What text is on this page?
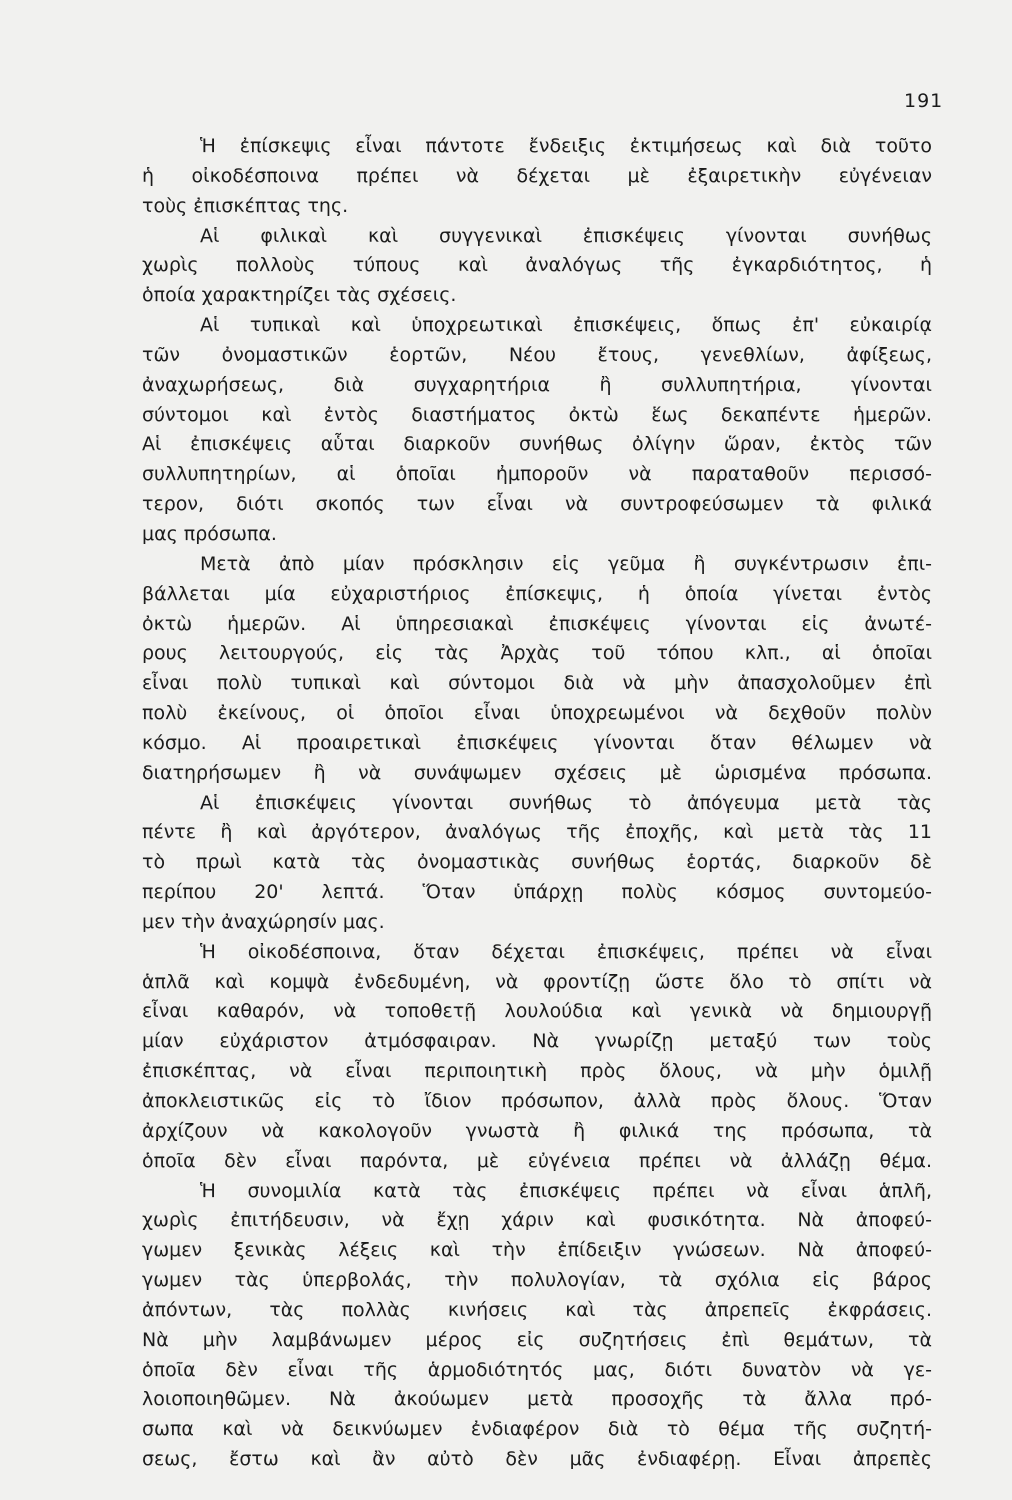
191
Ἡ ἐπίσκεψις εἶναι πάντοτε ἔνδειξις ἐκτιμήσεως καὶ διὰ τοῦτο
ἡ οἰκοδέσποινα πρέπει νὰ δέχεται μὲ ἐξαιρετικὴν εὐγένειαν
τοὺς ἐπισκέπτας της.
Αἱ φιλικαὶ καὶ συγγενικαὶ ἐπισκέψεις γίνονται συνήθως
χωρὶς πολλοὺς τύπους καὶ ἀναλόγως τῆς ἐγκαρδιότητος, ἡ
ὁποία χαρακτηρίζει τὰς σχέσεις.
Αἱ τυπικαὶ καὶ ὑποχρεωτικαὶ ἐπισκέψεις, ὅπως ἐπ' εὐκαιρίᾳ
τῶν ὀνομαστικῶν ἑορτῶν, Νέου ἔτους, γενεθλίων, ἀφίξεως,
ἀναχωρήσεως, διὰ συγχαρητήρια ἢ συλλυπητήρια, γίνονται
σύντομοι καὶ ἐντὸς διαστήματος ὀκτὼ ἕως δεκαπέντε ἡμερῶν.
Αἱ ἐπισκέψεις αὗται διαρκοῦν συνήθως ὀλίγην ὥραν, ἐκτὸς τῶν
συλλυπητηρίων, αἱ ὁποῖαι ἠμποροῦν νὰ παραταθοῦν περισσό-
τερον, διότι σκοπός των εἶναι νὰ συντροφεύσωμεν τὰ φιλικά
μας πρόσωπα.
Μετὰ ἀπὸ μίαν πρόσκλησιν εἰς γεῦμα ἢ συγκέντρωσιν ἐπι-
βάλλεται μία εὐχαριστήριος ἐπίσκεψις, ἡ ὁποία γίνεται ἐντὸς
ὀκτὼ ἡμερῶν. Αἱ ὑπηρεσιακαὶ ἐπισκέψεις γίνονται εἰς ἀνωτέ-
ρους λειτουργούς, εἰς τὰς Ἀρχὰς τοῦ τόπου κλπ., αἱ ὁποῖαι
εἶναι πολὺ τυπικαὶ καὶ σύντομοι διὰ νὰ μὴν ἀπασχολοῦμεν ἐπὶ
πολὺ ἐκείνους, οἱ ὁποῖοι εἶναι ὑποχρεωμένοι νὰ δεχθοῦν πολὺν
κόσμο. Αἱ προαιρετικαὶ ἐπισκέψεις γίνονται ὅταν θέλωμεν νὰ
διατηρήσωμεν ἢ νὰ συνάψωμεν σχέσεις μὲ ὡρισμένα πρόσωπα.
Αἱ ἐπισκέψεις γίνονται συνήθως τὸ ἀπόγευμα μετὰ τὰς
πέντε ἢ καὶ ἀργότερον, ἀναλόγως τῆς ἐποχῆς, καὶ μετὰ τὰς 11
τὸ πρωὶ κατὰ τὰς ὀνομαστικὰς συνήθως ἑορτάς, διαρκοῦν δὲ
περίπου 20' λεπτά. Ὅταν ὑπάρχῃ πολὺς κόσμος συντομεύο-
μεν τὴν ἀναχώρησίν μας.
Ἡ οἰκοδέσποινα, ὅταν δέχεται ἐπισκέψεις, πρέπει νὰ εἶναι
ἁπλᾶ καὶ κομψὰ ἐνδεδυμένη, νὰ φροντίζῃ ὥστε ὅλο τὸ σπίτι νὰ
εἶναι καθαρόν, νὰ τοποθετῇ λουλούδια καὶ γενικὰ νὰ δημιουργῇ
μίαν εὐχάριστον ἀτμόσφαιραν. Νὰ γνωρίζῃ μεταξύ των τοὺς
ἐπισκέπτας, νὰ εἶναι περιποιητικὴ πρὸς ὅλους, νὰ μὴν ὁμιλῇ
ἀποκλειστικῶς εἰς τὸ ἴδιον πρόσωπον, ἀλλὰ πρὸς ὅλους. Ὅταν
ἀρχίζουν νὰ κακολογοῦν γνωστὰ ἢ φιλικά της πρόσωπα, τὰ
ὁποῖα δὲν εἶναι παρόντα, μὲ εὐγένεια πρέπει νὰ ἀλλάζῃ θέμα.
Ἡ συνομιλία κατὰ τὰς ἐπισκέψεις πρέπει νὰ εἶναι ἁπλῆ,
χωρὶς ἐπιτήδευσιν, νὰ ἔχῃ χάριν καὶ φυσικότητα. Νὰ ἀποφεύ-
γωμεν ξενικὰς λέξεις καὶ τὴν ἐπίδειξιν γνώσεων. Νὰ ἀποφεύ-
γωμεν τὰς ὑπερβολάς, τὴν πολυλογίαν, τὰ σχόλια εἰς βάρος
ἀπόντων, τὰς πολλὰς κινήσεις καὶ τὰς ἀπρεπεῖς ἐκφράσεις.
Νὰ μὴν λαμβάνωμεν μέρος εἰς συζητήσεις ἐπὶ θεμάτων, τὰ
ὁποῖα δὲν εἶναι τῆς ἁρμοδιότητός μας, διότι δυνατὸν νὰ γε-
λοιοποιηθῶμεν. Νὰ ἀκούωμεν μετὰ προσοχῆς τὰ ἄλλα πρό-
σωπα καὶ νὰ δεικνύωμεν ἐνδιαφέρον διὰ τὸ θέμα τῆς συζητή-
σεως, ἔστω καὶ ἂν αὐτὸ δὲν μᾶς ἐνδιαφέρῃ. Εἶναι ἀπρεπὲς
